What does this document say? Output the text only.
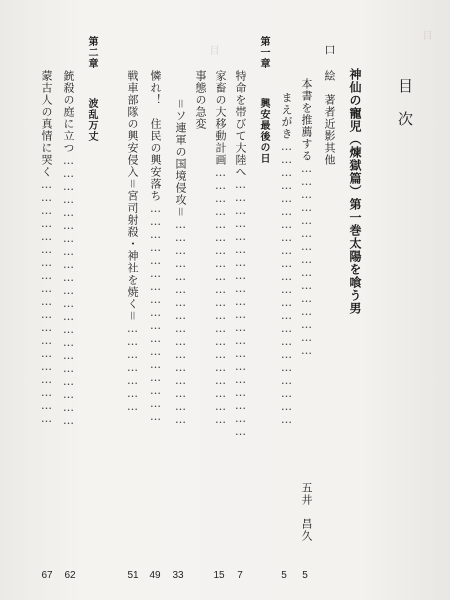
目
目
目次
神仙の寵児（煉獄篇）第一巻太陽を喰う男
口
絵　著者近影其他
本書を推薦する………………………………………
五井　昌久
5
まえがき…………………………………………………………
5
第一章
興安最後の日
特命を帯びて大陸へ……………………………………………………
7
家畜の大移動計画……………………………………………………
15
事態の急変
＝ソ連軍の国境侵攻＝…………………………………………
33
憐れ！　住民の興安落ち……………………………………………
49
戦車部隊の興安侵入＝宮司射殺・神社を焼く＝…………………
51
第二章
波乱万丈
銃殺の庭に立つ………………………………………………………
62
蒙古人の真情に哭く…………………………………………………
67
